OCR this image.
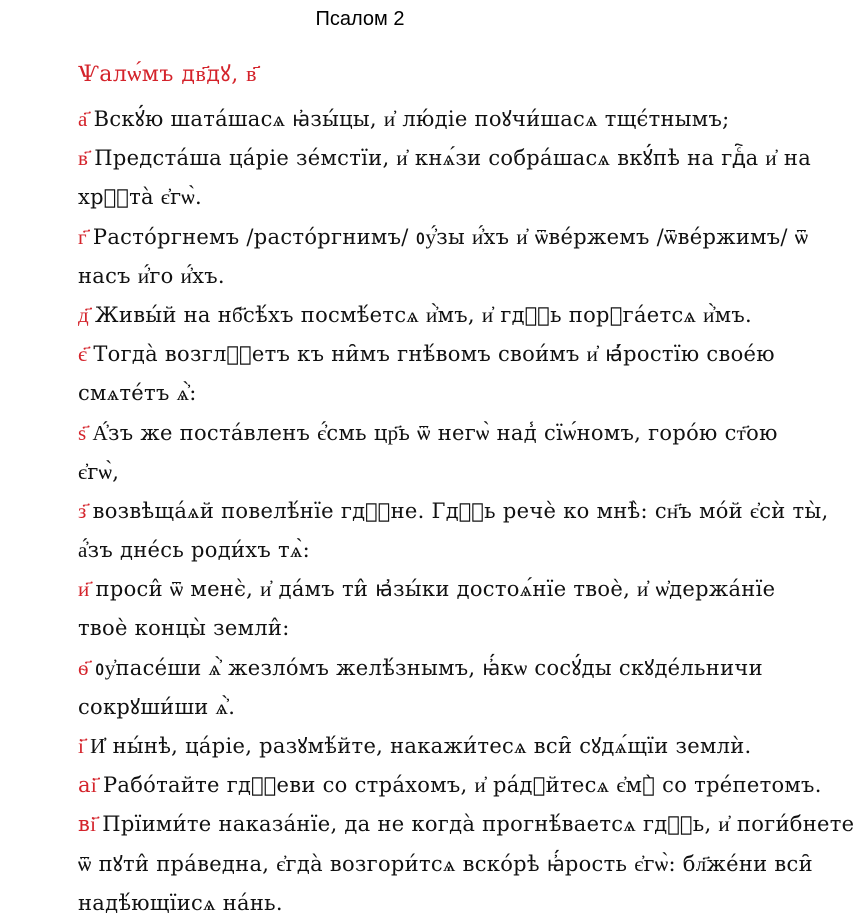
Псалом 2
Ѱалѡ́мъ дв҃дꙋ, в҃
а҃ Вскꙋ́ю шата́шасѧ ꙗ҆зы́цы, и҆ лю́діе поꙋчи́шасѧ тщє́тнымъ;
в҃ Предста́ша ца́ріе зе́мстїи, и҆ кнѧ́зи собра́шасѧ вкꙋ́пѣ на гдⷭ҇а и҆ на
хрⷭ҇та̀ є҆гѡ̀.
г҃ Растóргнемъ /растóргнимъ/ ᲂу҆́зы и҆́хъ и҆ ѿве́ржемъ /ѿве́ржимъ/ ѿ
насъ и҆́го и҆́хъ.
д҃ Живы́й на нб҃сѣ́хъ посмѣ́етсѧ и҆̀мъ, и҆ гдⷭ҇ь порꙋга́етсѧ и҆̀мъ.
є҃ Тогда̀ возглⷭ҇етъ къ ни̑мъ гнѣ́вомъ свои́мъ и҆ ꙗ҆́ростїю свое́ю
смѧте́тъ ѧ҆̀:
ѕ҃ А҆́зъ же поста́вленъ є҆́смь цр҃ь ѿ негѡ̀ над̾ сїѡ́номъ, горо́ю ст҃ою
є҆гѡ̀,
з҃ возвѣща́ѧй повелѣ́нїе гдⷭ҇не. Гдⷭ҇ь речѐ ко мнѣ̀: сн҃ъ мо́й є҆сѝ ты̀,
а҆́зъ дне́сь роди́хъ тѧ̀:
и҃ проси̂ ѿ менє̀, и҆ да́мъ ти̂ ꙗ҆зы́ки достоѧ́нїе твоѐ, и҆ ѡ҆держа́нїе
твоѐ концы̀ земли̂:
ѳ҃ ᲂу҆пасе́ши ѧ҆̀ жезло́мъ желѣ́знымъ, ꙗ҆́кѡ сосꙋ́ды скꙋде́льничи
сокрꙋши́ши ѧ҆̀.
і҃ И҆ ны́нѣ, ца́ріе, разꙋмѣ́йте, накажи́тесѧ вси̑ сꙋдѧ́щїи землѝ.
аі҃ Рабо́тайте гдⷭ҇еви со стра́хомъ, и҆ ра́дꙋйтесѧ є҆мꙋ̀ со тре́петомъ.
ві҃ Прїими́те наказа́нїе, да не когда̀ прогнѣ́ваетсѧ гдⷭ҇ь, и҆ поги́бнете
ѿ пꙋти̂ пра́ведна, є҆гда̀ возгори́тсѧ вско́рѣ ꙗ҆́рость є҆гѡ̀: бл҃же́ни вси̑
надѣ́ющїисѧ на́нь.
